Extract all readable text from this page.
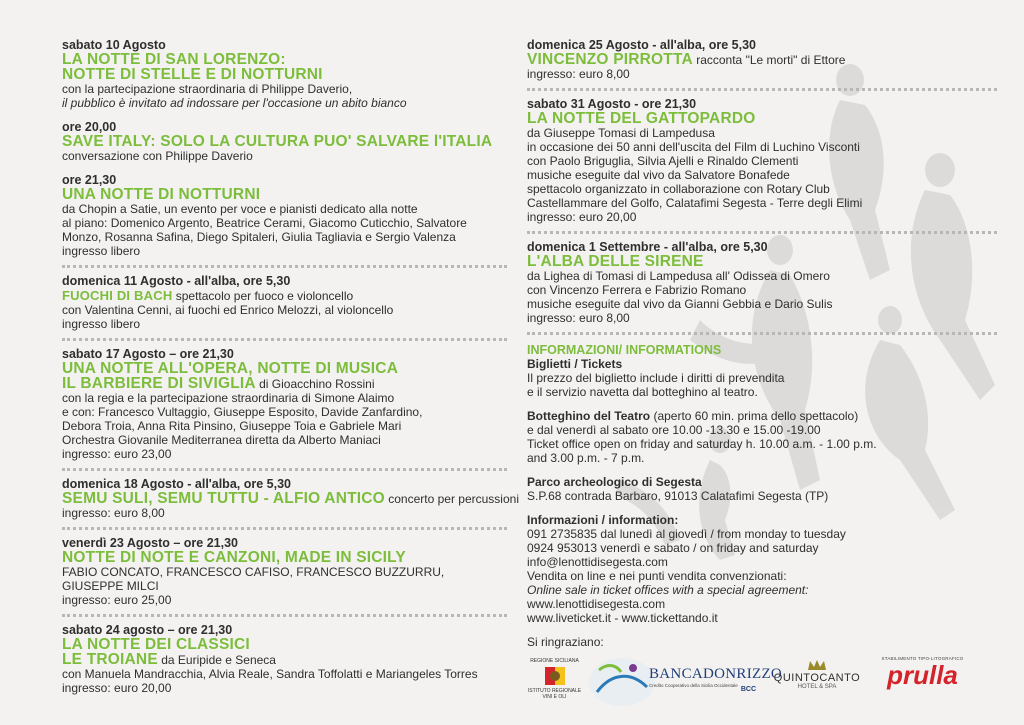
sabato 10 Agosto
LA NOTTE DI SAN LORENZO:
NOTTE DI STELLE E DI NOTTURNI
con la partecipazione straordinaria di Philippe Daverio,
il pubblico è invitato ad indossare per l'occasione un abito bianco
ore 20,00
SAVE ITALY: SOLO LA CULTURA PUO' SALVARE l'ITALIA
conversazione con Philippe Daverio
ore 21,30
UNA NOTTE DI NOTTURNI
da Chopin a Satie, un evento per voce e pianisti dedicato alla notte
al piano: Domenico Argento, Beatrice Cerami, Giacomo Cuticchio, Salvatore
Monzo, Rosanna Safina, Diego Spitaleri, Giulia Tagliavia e Sergio Valenza
ingresso libero
domenica 11 Agosto - all'alba, ore 5,30
FUOCHI DI BACH spettacolo per fuoco e violoncello
con Valentina Cenni, ai fuochi ed Enrico Melozzi, al violoncello
ingresso libero
sabato 17 Agosto – ore 21,30
UNA NOTTE ALL'OPERA, NOTTE DI MUSICA
IL BARBIERE DI SIVIGLIA di Gioacchino Rossini
con la regia e la partecipazione straordinaria di Simone Alaimo
e con: Francesco Vultaggio, Giuseppe Esposito, Davide Zanfardino,
Debora Troia, Anna Rita Pinsino, Giuseppe Toia e Gabriele Mari
Orchestra Giovanile Mediterranea diretta da Alberto Maniaci
ingresso: euro 23,00
domenica 18 Agosto - all'alba, ore 5,30
SEMU SULI, SEMU TUTTU - ALFIO ANTICO concerto per percussioni
ingresso: euro 8,00
venerdì 23 Agosto – ore 21,30
NOTTE DI NOTE E CANZONI, MADE IN SICILY
FABIO CONCATO, FRANCESCO CAFISO, FRANCESCO BUZZURRU,
GIUSEPPE MILCI
ingresso: euro 25,00
sabato 24 agosto – ore 21,30
LA NOTTE DEI CLASSICI
LE TROIANE da Euripide e Seneca
con Manuela Mandracchia, Alvia Reale, Sandra Toffolatti e Mariangeles Torres
ingresso: euro 20,00
domenica 25 Agosto - all'alba, ore 5,30
VINCENZO PIRROTTA racconta "Le morti" di Ettore
ingresso: euro 8,00
sabato 31 Agosto - ore 21,30
LA NOTTE DEL GATTOPARDO
da Giuseppe Tomasi di Lampedusa
in occasione dei 50 anni dell'uscita del Film di Luchino Visconti
con Paolo Briguglia, Silvia Ajelli e Rinaldo Clementi
musiche eseguite dal vivo da Salvatore Bonafede
spettacolo organizzato in collaborazione con Rotary Club
Castellammare del Golfo, Calatafimi Segesta - Terre degli Elimi
ingresso: euro 20,00
domenica 1 Settembre - all'alba, ore 5,30
L'ALBA DELLE SIRENE
da Lighea di Tomasi di Lampedusa all' Odissea di Omero
con Vincenzo Ferrera e Fabrizio Romano
musiche eseguite dal vivo da Gianni Gebbia e Dario Sulis
ingresso: euro 8,00
INFORMAZIONI/ INFORMATIONS
Biglietti / Tickets
Il prezzo del biglietto include i diritti di prevendita
e il servizio navetta dal botteghino al teatro.
Botteghino del Teatro (aperto 60 min. prima dello spettacolo)
e dal venerdì al sabato ore 10.00 -13.30 e 15.00 -19.00
Ticket office open on friday and saturday h. 10.00 a.m. - 1.00 p.m.
and 3.00 p.m. - 7 p.m.
Parco archeologico di Segesta
S.P.68 contrada Barbaro, 91013 Calatafimi Segesta (TP)
Informazioni / information:
091 2735835 dal lunedì al giovedì / from monday to tuesday
0924 953013 venerdì e sabato / on friday and saturday
info@lenottidisegesta.com
Vendita on line e nei punti vendita convenzionati:
Online sale in ticket offices with a special agreement:
www.lenottidisegesta.com
www.liveticket.it - www.tickettando.it
Si ringraziano:
REGIONE SICILIANA
ISTITUTO REGIONALE
VINI E OLI
BANCADONRIZZO
Credito Cooperativo della Sicilia Occidentale
BCC
QUINTOCANTO
HOTEL & SPA
STABILIMENTO TIPO-LITOGRAFICO
prulla
